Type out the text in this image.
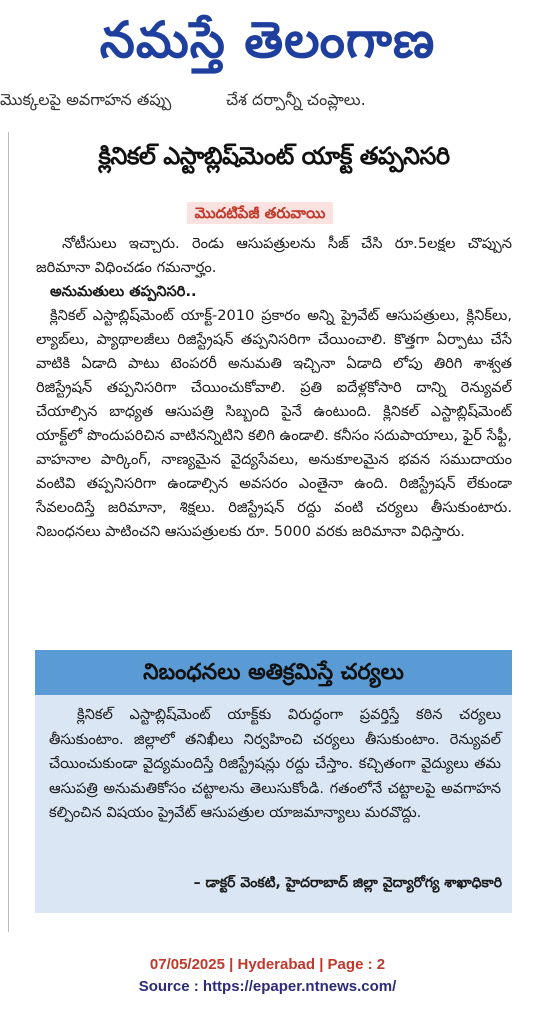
నమస్తే తెలంగాణ
మొక్కలపై అవగాహన తప్పు	చేశ దర్పాన్నీ చంప్లాలు.
క్లినికల్ ఎస్టాబ్లిష్‌మెంట్ యాక్ట్ తప్పనిసరి
మొదటిపేజీ తరువాయి

నోటీసులు ఇచ్చారు. రెండు ఆసుపత్రులను సీజ్ చేసి రూ.5లక్షల చొప్పున జరిమానా విధించడం గమనార్హం.

అనుమతులు తప్పనిసరి..

క్లినికల్ ఎస్టాబ్లిష్‌మెంట్ యాక్ట్-2010 ప్రకారం అన్ని ప్రైవేట్ ఆసుపత్రులు, క్లినిక్‌లు, ల్యాబ్‌లు, ప్యాథాలజీలు రిజిస్ట్రేషన్ తప్పనిసరిగా చేయించాలి. కొత్తగా ఏర్పాటు చేసే వాటికి ఏడాది పాటు టెంపరరీ అనుమతి ఇచ్చినా ఏడాది లోపు తిరిగి శాశ్వత రిజిస్ట్రేషన్ తప్పనిసరిగా చేయించుకోవాలి. ప్రతి ఐదేళ్లకోసారి దాన్ని రెన్యువల్ చేయాల్సిన బాధ్యత ఆసుపత్రి సిబ్బంది పైనే ఉంటుంది. క్లినికల్ ఎస్టాబ్లిష్‌మెంట్ యాక్ట్‌లో పొందుపరిచిన వాటినన్నిటిని కలిగి ఉండాలి. కనీసం సదుపాయాలు, ఫైర్ సేఫ్టీ, వాహనాల పార్కింగ్, నాణ్యమైన వైద్యసేవలు, అనుకూలమైన భవన సముదాయం వంటివి తప్పనిసరిగా ఉండాల్సిన అవసరం ఎంతైనా ఉంది. రిజిస్ట్రేషన్ లేకుండా సేవలందిస్తే జరిమానా, శిక్షలు. రిజిస్ట్రేషన్ రద్దు వంటి చర్యలు తీసుకుంటారు. నిబంధనలు పాటించని ఆసుపత్రులకు రూ. 5000 వరకు జరిమానా విధిస్తారు.

నిబంధనలు అతిక్రమిస్తే చర్యలు
క్లినికల్ ఎస్టాబ్లిష్‌మెంట్ యాక్ట్‌కు విరుద్ధంగా ప్రవర్తిస్తే కఠిన చర్యలు తీసుకుంటాం. జిల్లాలో తనిఖీలు నిర్వహించి చర్యలు తీసుకుంటాం. రెన్యువల్ చేయించుకుండా వైద్యమందిస్తే రిజిస్ట్రేషన్లు రద్దు చేస్తాం. కచ్చితంగా వైద్యులు తమ ఆసుపత్రి అనుమతికోసం చట్టాలను తెలుసుకోండి. గతంలోనే చట్టాలపై అవగాహన కల్పించిన విషయం ప్రైవేట్ ఆసుపత్రుల యాజమాన్యాలు మరవొద్దు.
– డాక్టర్ వెంకటి, హైదరాబాద్ జిల్లా వైద్యారోగ్య శాఖాధికారి
07/05/2025 | Hyderabad | Page : 2
Source : https://epaper.ntnews.com/
